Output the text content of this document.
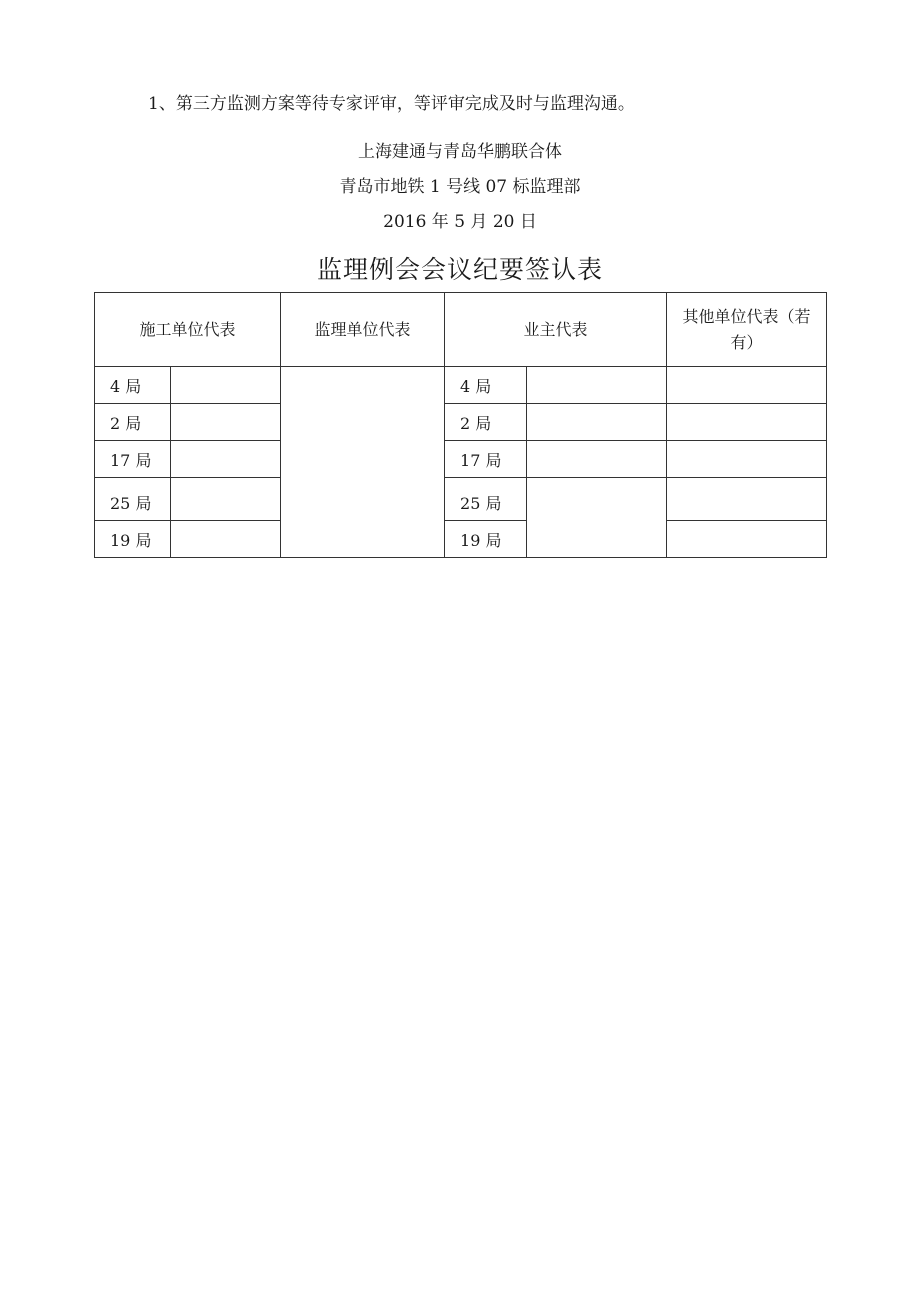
1、第三方监测方案等待专家评审，等评审完成及时与监理沟通。
上海建通与青岛华鹏联合体
青岛市地铁 1 号线 07 标监理部
2016 年 5 月 20 日
监理例会会议纪要签认表
施工单位代表		监理单位代表	业主代表		其他单位代表（若有）
4 局			4 局		
2 局			2 局		
17 局			17 局		
25 局			25 局		
19 局			19 局		
